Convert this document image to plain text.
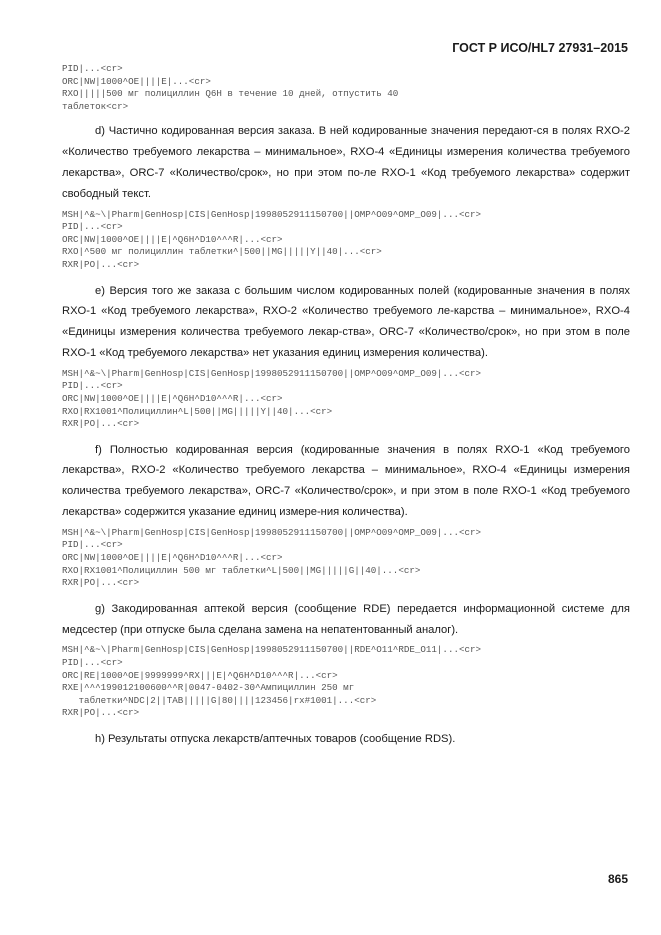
ГОСТ Р ИСО/HL7 27931–2015
PID|...<cr>
ORC|NW|1000^OE||||E|...<cr>
RXO|||||500 мг полициллин Q6H в течение 10 дней, отпустить 40
таблеток<cr>

d) Частично кодированная версия заказа. В ней кодированные значения передают-ся в полях RXO-2 «Количество требуемого лекарства – минимальное», RXO-4 «Единицы измерения количества требуемого лекарства», ORC-7 «Количество/срок», но при этом по-ле RXO-1 «Код требуемого лекарства» содержит свободный текст.

MSH|^&~\|Pharm|GenHosp|CIS|GenHosp|1998052911150700||OMP^O09^OMP_O09|...<cr>
PID|...<cr>
ORC|NW|1000^OE||||E|^Q6H^D10^^^R|...<cr>
RXO|^500 мг полициллин таблетки^|500||MG|||||Y||40|...<cr>
RXR|PO|...<cr>

e) Версия того же заказа с большим числом кодированных полей (кодированные значения в полях RXO-1 «Код требуемого лекарства», RXO-2 «Количество требуемого ле-карства – минимальное», RXO-4 «Единицы измерения количества требуемого лекар-ства», ORC-7 «Количество/срок», но при этом в поле RXO-1 «Код требуемого лекарства» нет указания единиц измерения количества).

MSH|^&~\|Pharm|GenHosp|CIS|GenHosp|1998052911150700||OMP^O09^OMP_O09|...<cr>
PID|...<cr>
ORC|NW|1000^OE||||E|^Q6H^D10^^^R|...<cr>
RXO|RX1001^Полициллин^L|500||MG|||||Y||40|...<cr>
RXR|PO|...<cr>

f) Полностью кодированная версия (кодированные значения в полях RXO-1 «Код требуемого лекарства», RXO-2 «Количество требуемого лекарства – минимальное», RXO-4 «Единицы измерения количества требуемого лекарства», ORC-7 «Количество/срок», и при этом в поле RXO-1 «Код требуемого лекарства» содержится указание единиц измере-ния количества).

MSH|^&~\|Pharm|GenHosp|CIS|GenHosp|1998052911150700||OMP^O09^OMP_O09|...<cr>
PID|...<cr>
ORC|NW|1000^OE||||E|^Q6H^D10^^^R|...<cr>
RXO|RX1001^Полициллин 500 мг таблетки^L|500||MG|||||G||40|...<cr>
RXR|PO|...<cr>

g) Закодированная аптекой версия (сообщение RDE) передается информационной системе для медсестер (при отпуске была сделана замена на непатентованный аналог).

MSH|^&~\|Pharm|GenHosp|CIS|GenHosp|1998052911150700||RDE^O11^RDE_O11|...<cr>
PID|...<cr>
ORC|RE|1000^OE|9999999^RX|||E|^Q6H^D10^^^R|...<cr>
RXE|^^^199012100600^^R|0047-0402-30^Ампициллин 250 мг
таблетки^NDC|2||TAB|||||G|80||||123456|rx#1001|...<cr>
RXR|PO|...<cr>

h) Результаты отпуска лекарств/аптечных товаров (сообщение RDS).

865
